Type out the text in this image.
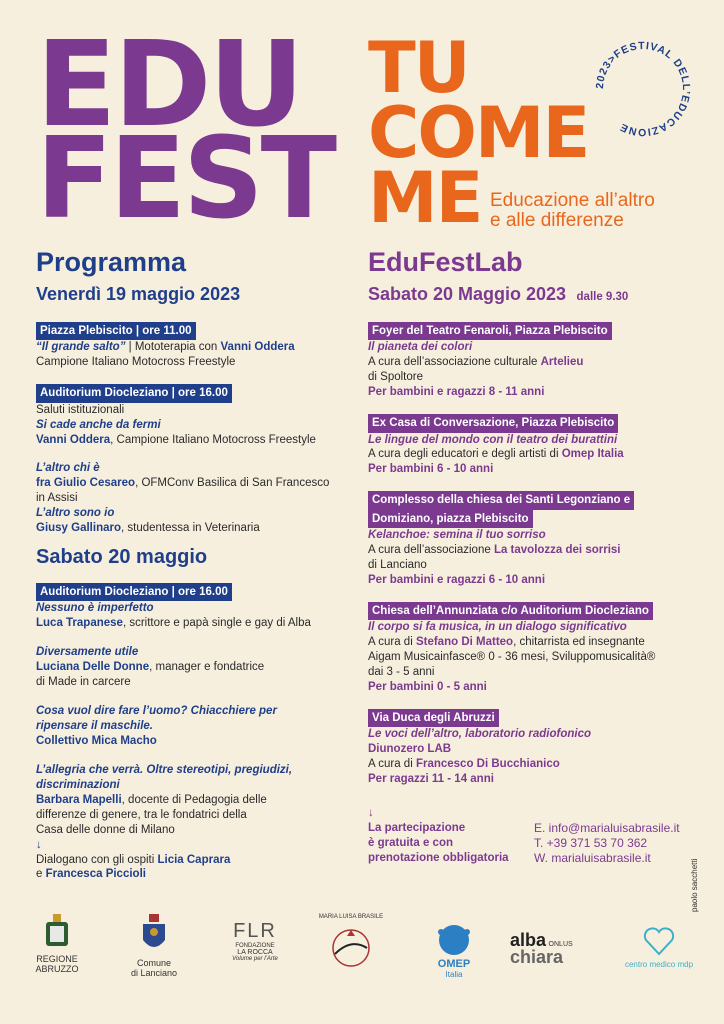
EDU
FEST
TU
COME
ME Educazione all’altro
e alle differenze
2023>FESTIVAL DELL’EDUCAZIONE
Programma
Venerdì 19 maggio 2023
Piazza Plebiscito | ore 11.00
“Il grande salto” | Mototerapia con Vanni Oddera
Campione Italiano Motocross Freestyle
Auditorium Diocleziano | ore 16.00
Saluti istituzionali
Si cade anche da fermi
Vanni Oddera, Campione Italiano Motocross Freestyle
L’altro chi è
fra Giulio Cesareo, OFMConv Basilica di San Francesco
in Assisi
L’altro sono io
Giusy Gallinaro, studentessa in Veterinaria
Sabato 20 maggio
Auditorium Diocleziano | ore 16.00
Nessuno è imperfetto
Luca Trapanese, scrittore e papà single e gay di Alba
Diversamente utile
Luciana Delle Donne, manager e fondatrice
di Made in carcere
Cosa vuol dire fare l’uomo? Chiacchiere per
ripensare il maschile.
Collettivo Mica Macho
L’allegria che verrà. Oltre stereotipi, pregiudizi,
discriminazioni
Barbara Mapelli, docente di Pedagogia delle
differenze di genere, tra le fondatrici della
Casa delle donne di Milano
↓
Dialogano con gli ospiti Licia Caprara
e Francesca Piccioli
EduFestLab
Sabato 20 Maggio 2023 dalle 9.30
Foyer del Teatro Fenaroli, Piazza Plebiscito
Il pianeta dei colori
A cura dell’associazione culturale Artelieu
di Spoltore
Per bambini e ragazzi 8 - 11 anni
Ex Casa di Conversazione, Piazza Plebiscito
Le lingue del mondo con il teatro dei burattini
A cura degli educatori e degli artisti di Omep Italia
Per bambini 6 - 10 anni
Complesso della chiesa dei Santi Legonziano e
Domiziano, piazza Plebiscito
Kelanchoe: semina il tuo sorriso
A cura dell’associazione La tavolozza dei sorrisi
di Lanciano
Per bambini e ragazzi 6 - 10 anni
Chiesa dell’Annunziata c/o Auditorium Diocleziano
Il corpo si fa musica, in un dialogo significativo
A cura di Stefano Di Matteo, chitarrista ed insegnante
Aigam Musicainfasce® 0 - 36 mesi, Sviluppomusicalità®
dai 3 - 5 anni
Per bambini 0 - 5 anni
Via Duca degli Abruzzi
Le voci dell’altro, laboratorio radiofonico
Diunozero LAB
A cura di Francesco Di Bucchianico
Per ragazzi 11 - 14 anni
↓
La partecipazione
è gratuita e con
prenotazione obbligatoria
E. info@marialuisabrasile.it
T. +39 371 53 70 362
W. marialuisabrasile.it
paolo sacchetti
REGIONE
ABRUZZO
Comune
di Lanciano
FLR
FONDAZIONE
LA ROCCA
Volume per l’Arte
MARIA LUISA BRASILE
OMEP
Italia
alba ONLUS
chiara	centro medico mdp
